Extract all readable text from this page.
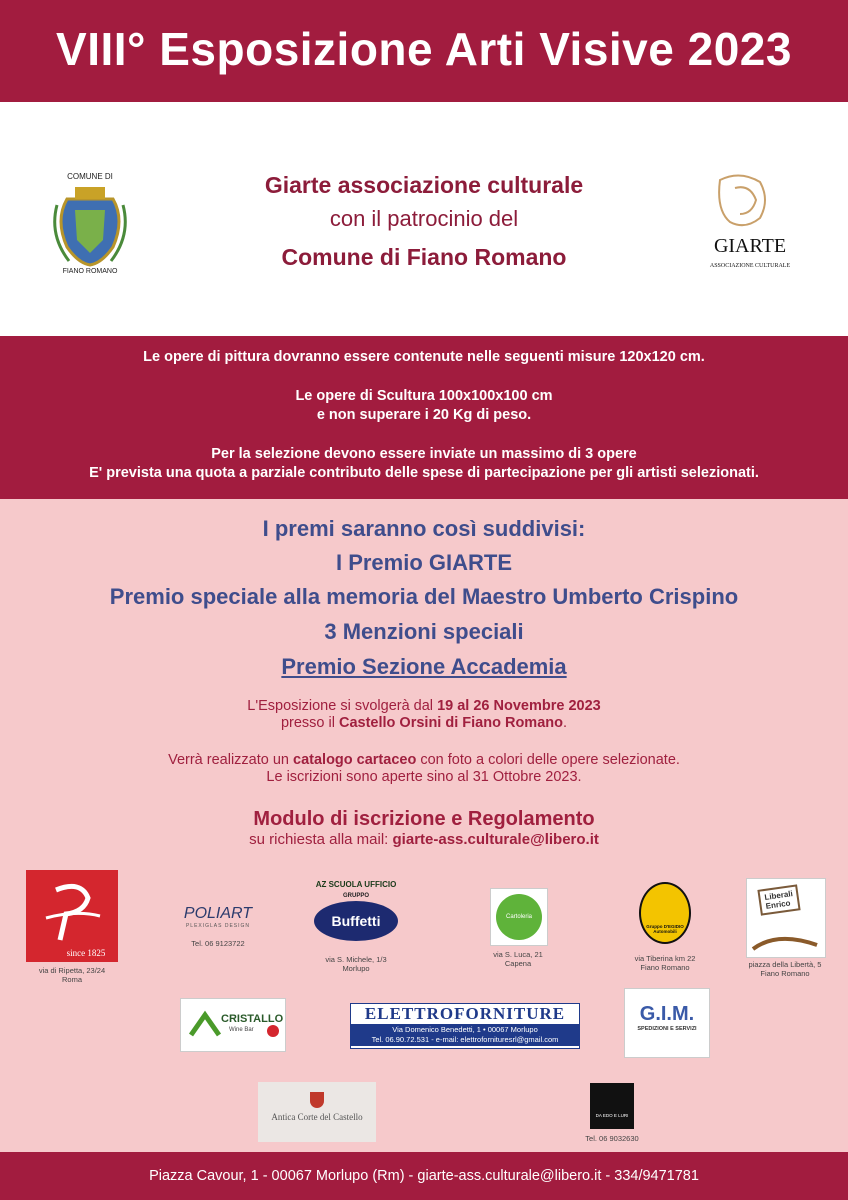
VIII° Esposizione Arti Visive 2023
COMUNE DI
FIANO ROMANO
Giarte associazione culturale
con il patrocinio del
Comune di Fiano Romano	GIARTE
ASSOCIAZIONE CULTURALE

Le opere di pittura dovranno essere contenute nelle seguenti misure 120x120 cm.

Le opere di Scultura 100x100x100 cm

e non superare i 20 Kg di peso.

Per la selezione devono essere inviate un massimo di 3 opere

E' prevista una quota a parziale contributo delle spese di partecipazione per gli artisti selezionati.

I premi saranno così suddivisi:
I Premio GIARTE
Premio speciale alla memoria del Maestro Umberto Crispino
3 Menzioni speciali
Premio Sezione Accademia
L'Esposizione si svolgerà dal 19 al 26 Novembre 2023
presso il Castello Orsini di Fiano Romano.
Verrà realizzato un catalogo cartaceo con foto a colori delle opere selezionate.
Le iscrizioni sono aperte sino al 31 Ottobre 2023.
Modulo di iscrizione e Regolamento
su richiesta alla mail: giarte-ass.culturale@libero.it
since 1825
via di Ripetta, 23/24
Roma
POLIART
PLEXIGLAS DESIGN
Tel. 06 9123722
AZ SCUOLA UFFICIO
GRUPPO
Buffetti
via S. Michele, 1/3
Morlupo
Cartoleria
via S. Luca, 21
Capena
Gruppo D'EGIDIO Automobili
via Tiberina km 22
Fiano Romano
Liberali
Enrico
piazza della Libertà, 5
Fiano Romano
CRISTALLO
Wine Bar
ELETTROFORNITURE
Via Domenico Benedetti, 1 • 00067 Morlupo
Tel. 06.90.72.531 - e-mail: elettrofornituresrl@gmail.com
G.I.M.
SPEDIZIONI E SERVIZI
Antica Corte del Castello	DA EDO E LURI
Tel. 06 9032630
Piazza Cavour, 1 - 00067 Morlupo (Rm) - giarte-ass.culturale@libero.it - 334/9471781
